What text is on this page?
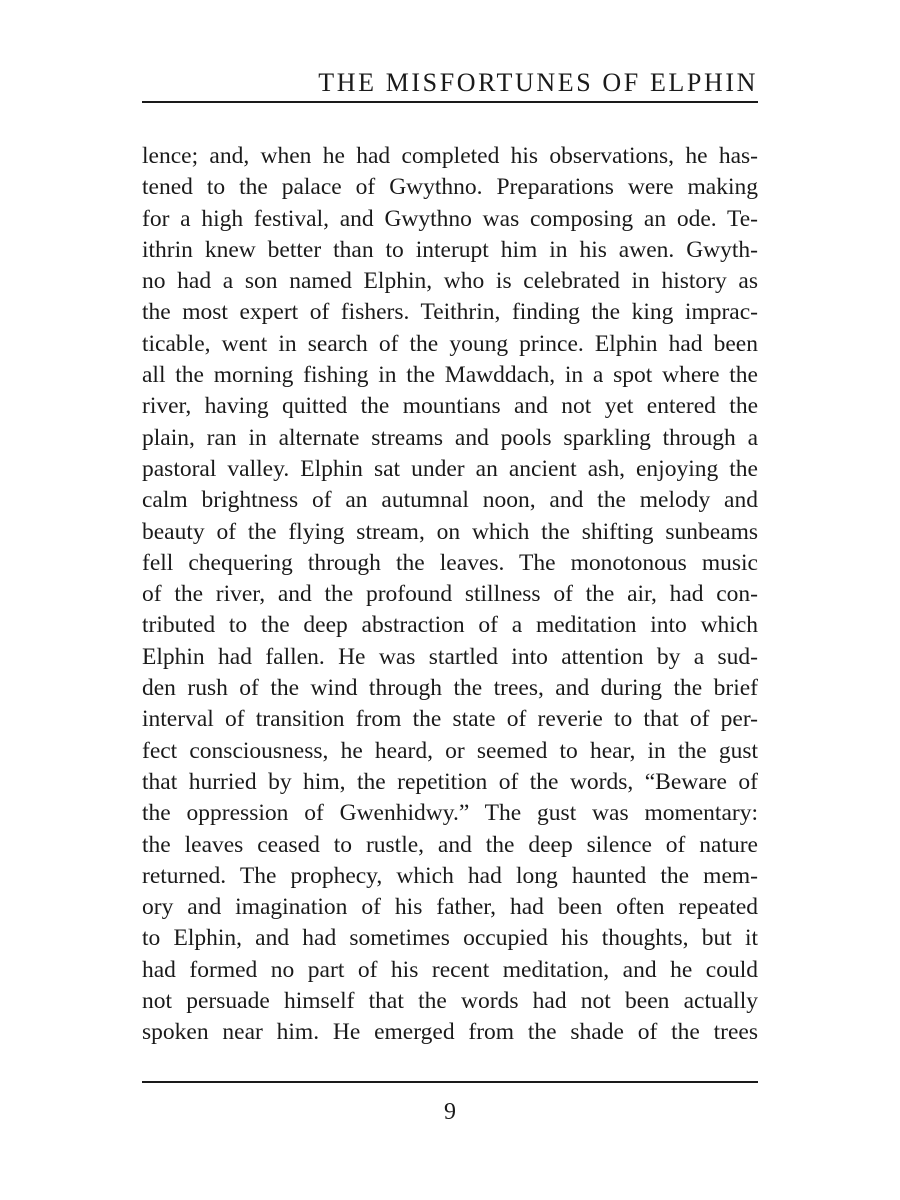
THE MISFORTUNES OF ELPHIN
lence; and, when he had completed his observations, he has-
tened to the palace of Gwythno. Preparations were making
for a high festival, and Gwythno was composing an ode. Te-
ithrin knew better than to interupt him in his awen. Gwyth-
no had a son named Elphin, who is celebrated in history as
the most expert of fishers. Teithrin, finding the king imprac-
ticable, went in search of the young prince. Elphin had been
all the morning fishing in the Mawddach, in a spot where the
river, having quitted the mountians and not yet entered the
plain, ran in alternate streams and pools sparkling through a
pastoral valley. Elphin sat under an ancient ash, enjoying the
calm brightness of an autumnal noon, and the melody and
beauty of the flying stream, on which the shifting sunbeams
fell chequering through the leaves. The monotonous music
of the river, and the profound stillness of the air, had con-
tributed to the deep abstraction of a meditation into which
Elphin had fallen. He was startled into attention by a sud-
den rush of the wind through the trees, and during the brief
interval of transition from the state of reverie to that of per-
fect consciousness, he heard, or seemed to hear, in the gust
that hurried by him, the repetition of the words, “Beware of
the oppression of Gwenhidwy.” The gust was momentary:
the leaves ceased to rustle, and the deep silence of nature
returned. The prophecy, which had long haunted the mem-
ory and imagination of his father, had been often repeated
to Elphin, and had sometimes occupied his thoughts, but it
had formed no part of his recent meditation, and he could
not persuade himself that the words had not been actually
spoken near him. He emerged from the shade of the trees
9
